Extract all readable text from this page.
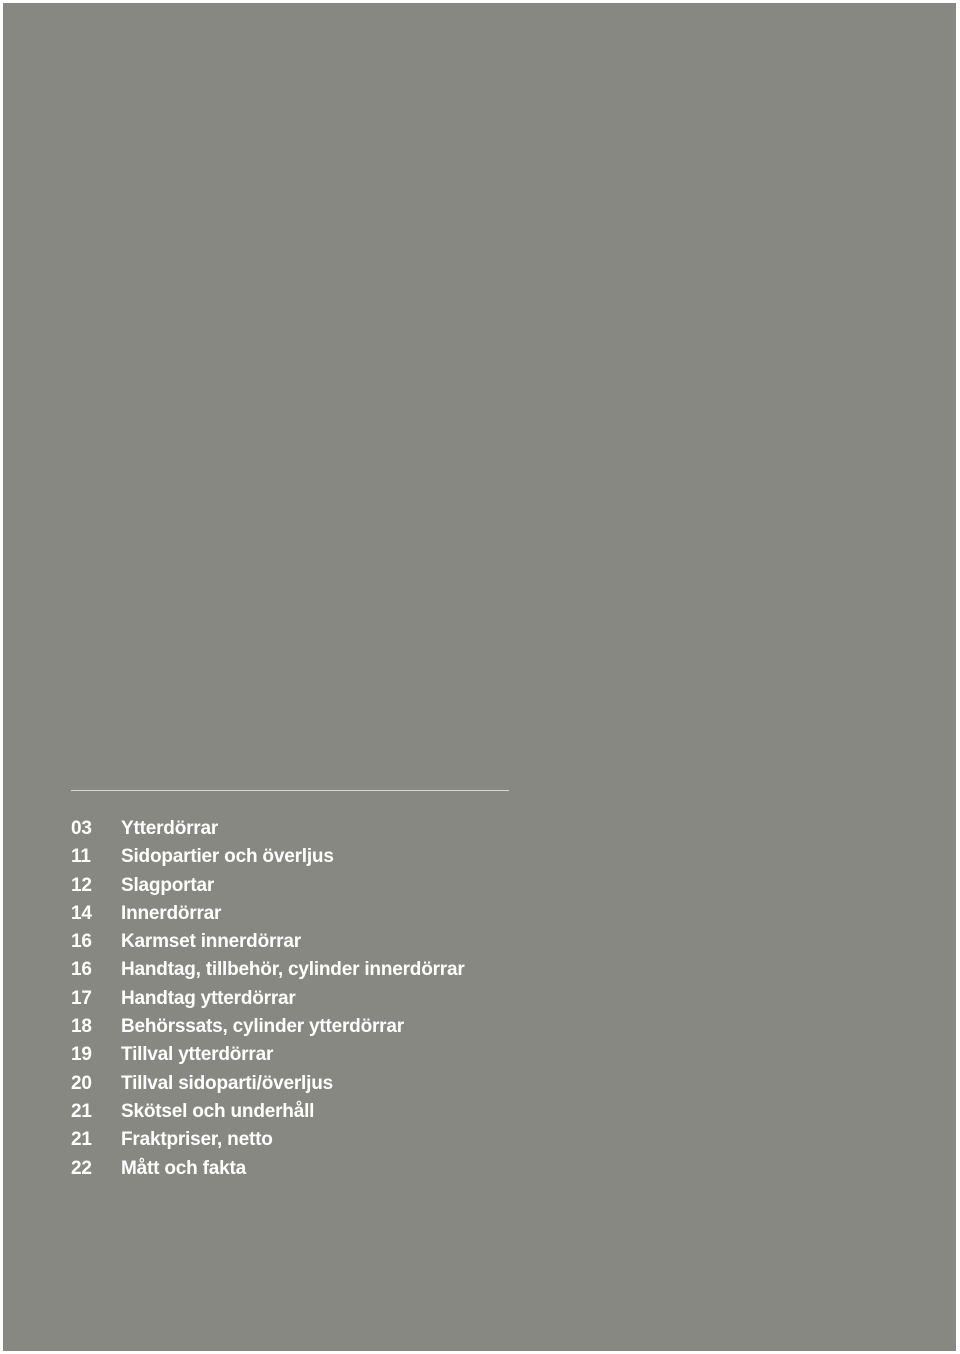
03	Ytterdörrar
11	Sidopartier och överljus
12	Slagportar
14	Innerdörrar
16	Karmset innerdörrar
16	Handtag, tillbehör, cylinder innerdörrar
17	Handtag ytterdörrar
18	Behörssats, cylinder ytterdörrar
19	Tillval ytterdörrar
20	Tillval sidoparti/överljus
21	Skötsel och underhåll
21	Fraktpriser, netto
22	Mått och fakta
